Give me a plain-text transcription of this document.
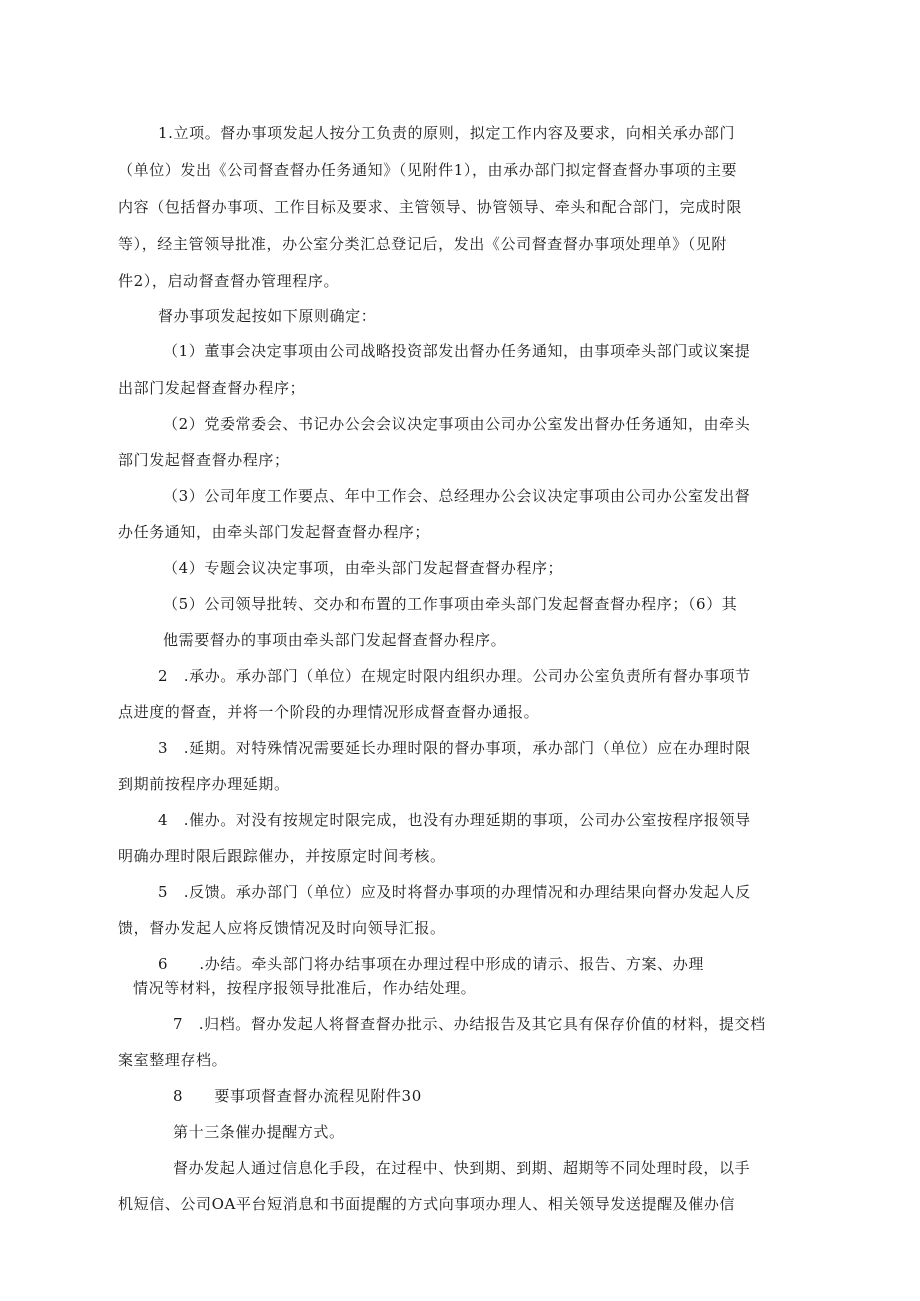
1.立项。督办事项发起人按分工负责的原则，拟定工作内容及要求，向相关承办部门
（单位）发出《公司督查督办任务通知》（见附件1），由承办部门拟定督查督办事项的主要
内容（包括督办事项、工作目标及要求、主管领导、协管领导、牵头和配合部门，完成时限
等），经主管领导批准，办公室分类汇总登记后，发出《公司督查督办事项处理单》（见附
件2），启动督查督办管理程序。
督办事项发起按如下原则确定：
（1）董事会决定事项由公司战略投资部发出督办任务通知，由事项牵头部门或议案提
出部门发起督查督办程序；
（2）党委常委会、书记办公会会议决定事项由公司办公室发出督办任务通知，由牵头
部门发起督查督办程序；
（3）公司年度工作要点、年中工作会、总经理办公会议决定事项由公司办公室发出督
办任务通知，由牵头部门发起督查督办程序；
（4）专题会议决定事项，由牵头部门发起督查督办程序；
（5）公司领导批转、交办和布置的工作事项由牵头部门发起督查督办程序；（6）其
他需要督办的事项由牵头部门发起督查督办程序。
2　.承办。承办部门（单位）在规定时限内组织办理。公司办公室负责所有督办事项节
点进度的督查，并将一个阶段的办理情况形成督查督办通报。
3　.延期。对特殊情况需要延长办理时限的督办事项，承办部门（单位）应在办理时限
到期前按程序办理延期。
4　.催办。对没有按规定时限完成，也没有办理延期的事项，公司办公室按程序报领导
明确办理时限后跟踪催办，并按原定时间考核。
5　.反馈。承办部门（单位）应及时将督办事项的办理情况和办理结果向督办发起人反
馈，督办发起人应将反馈情况及时向领导汇报。
6　　.办结。牵头部门将办结事项在办理过程中形成的请示、报告、方案、办理
情况等材料，按程序报领导批准后，作办结处理。
7　.归档。督办发起人将督查督办批示、办结报告及其它具有保存价值的材料，提交档
案室整理存档。
8　　要事项督查督办流程见附件30
第十三条催办提醒方式。
督办发起人通过信息化手段，在过程中、快到期、到期、超期等不同处理时段，以手
机短信、公司OA平台短消息和书面提醒的方式向事项办理人、相关领导发送提醒及催办信
